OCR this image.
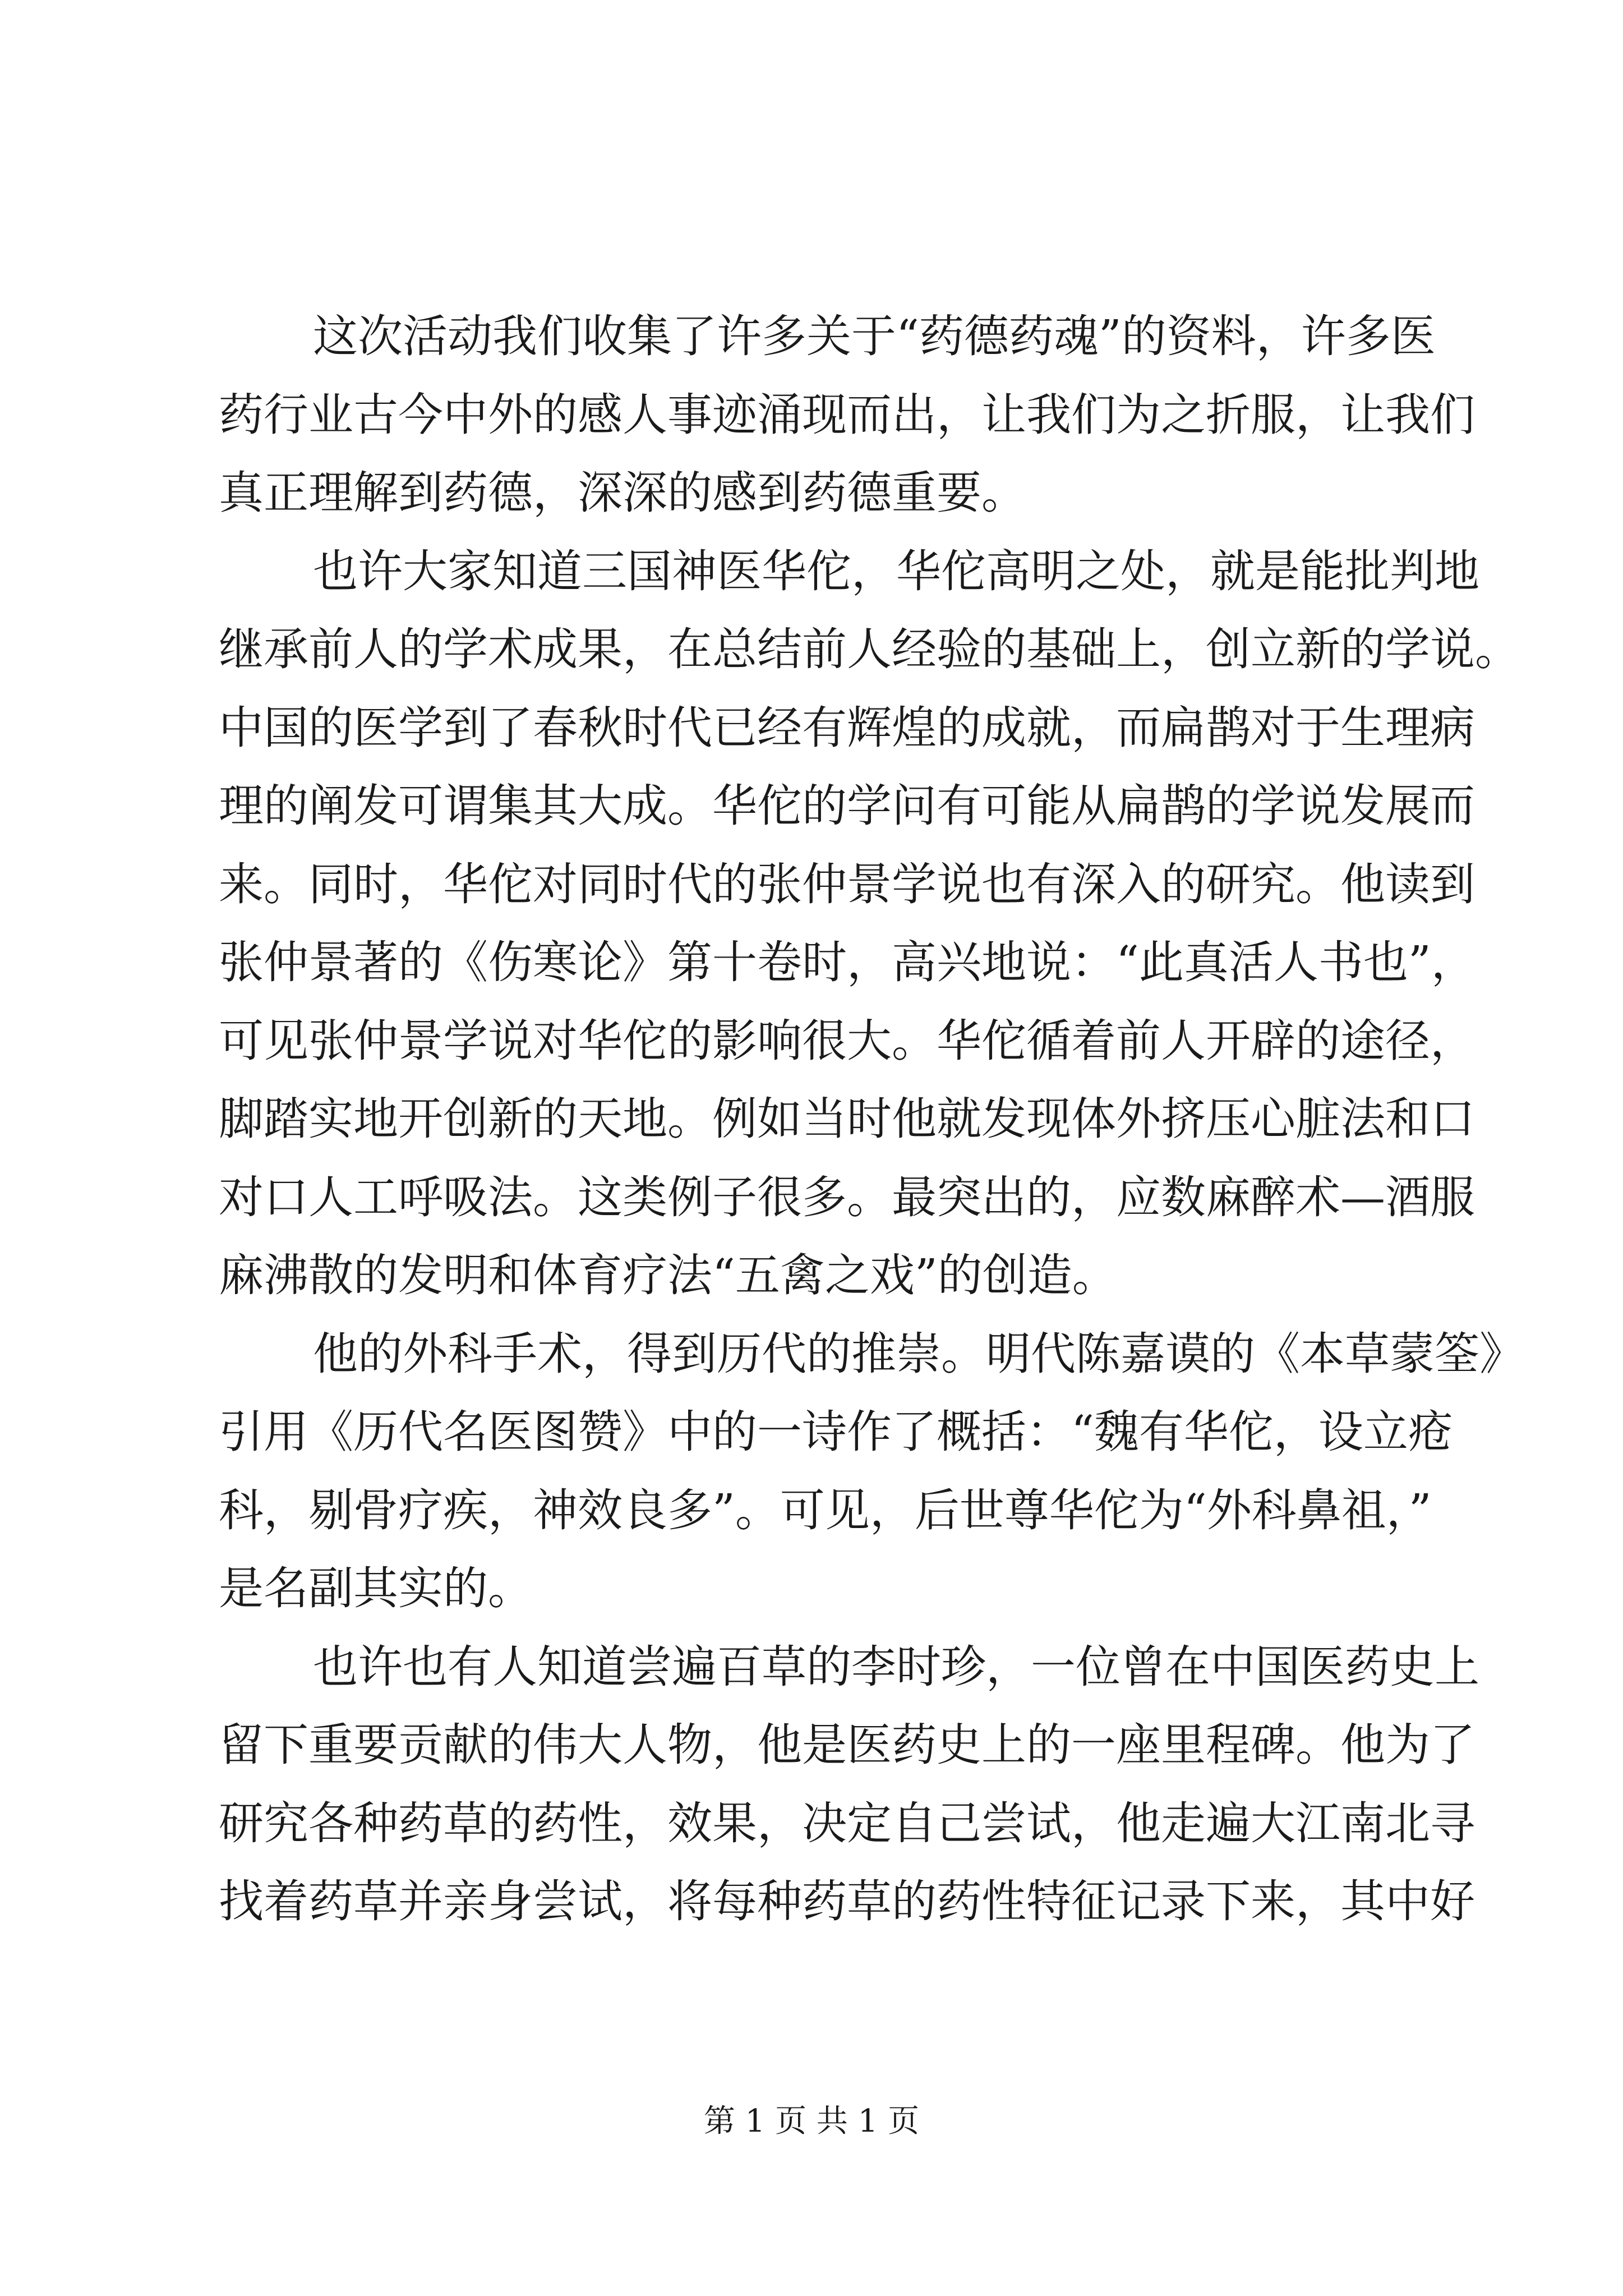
这次活动我们收集了许多关于“药德药魂”的资料，许多医
药行业古今中外的感人事迹涌现而出，让我们为之折服，让我们
真正理解到药德，深深的感到药德重要。
也许大家知道三国神医华佗，华佗高明之处，就是能批判地
继承前人的学术成果，在总结前人经验的基础上，创立新的学说。
中国的医学到了春秋时代已经有辉煌的成就，而扁鹊对于生理病
理的阐发可谓集其大成。华佗的学问有可能从扁鹊的学说发展而
来。同时，华佗对同时代的张仲景学说也有深入的研究。他读到
张仲景著的《伤寒论》第十卷时，高兴地说：“此真活人书也”，
可见张仲景学说对华佗的影响很大。华佗循着前人开辟的途径，
脚踏实地开创新的天地。例如当时他就发现体外挤压心脏法和口
对口人工呼吸法。这类例子很多。最突出的，应数麻醉术—酒服
麻沸散的发明和体育疗法“五禽之戏”的创造。
他的外科手术，得到历代的推崇。明代陈嘉谟的《本草蒙筌》
引用《历代名医图赞》中的一诗作了概括：“魏有华佗，设立疮
科，剔骨疗疾，神效良多”。可见，后世尊华佗为“外科鼻祖，”
是名副其实的。
也许也有人知道尝遍百草的李时珍，一位曾在中国医药史上
留下重要贡献的伟大人物，他是医药史上的一座里程碑。他为了
研究各种药草的药性，效果，决定自己尝试，他走遍大江南北寻
找着药草并亲身尝试，将每种药草的药性特征记录下来，其中好
第 1 页 共 1 页
